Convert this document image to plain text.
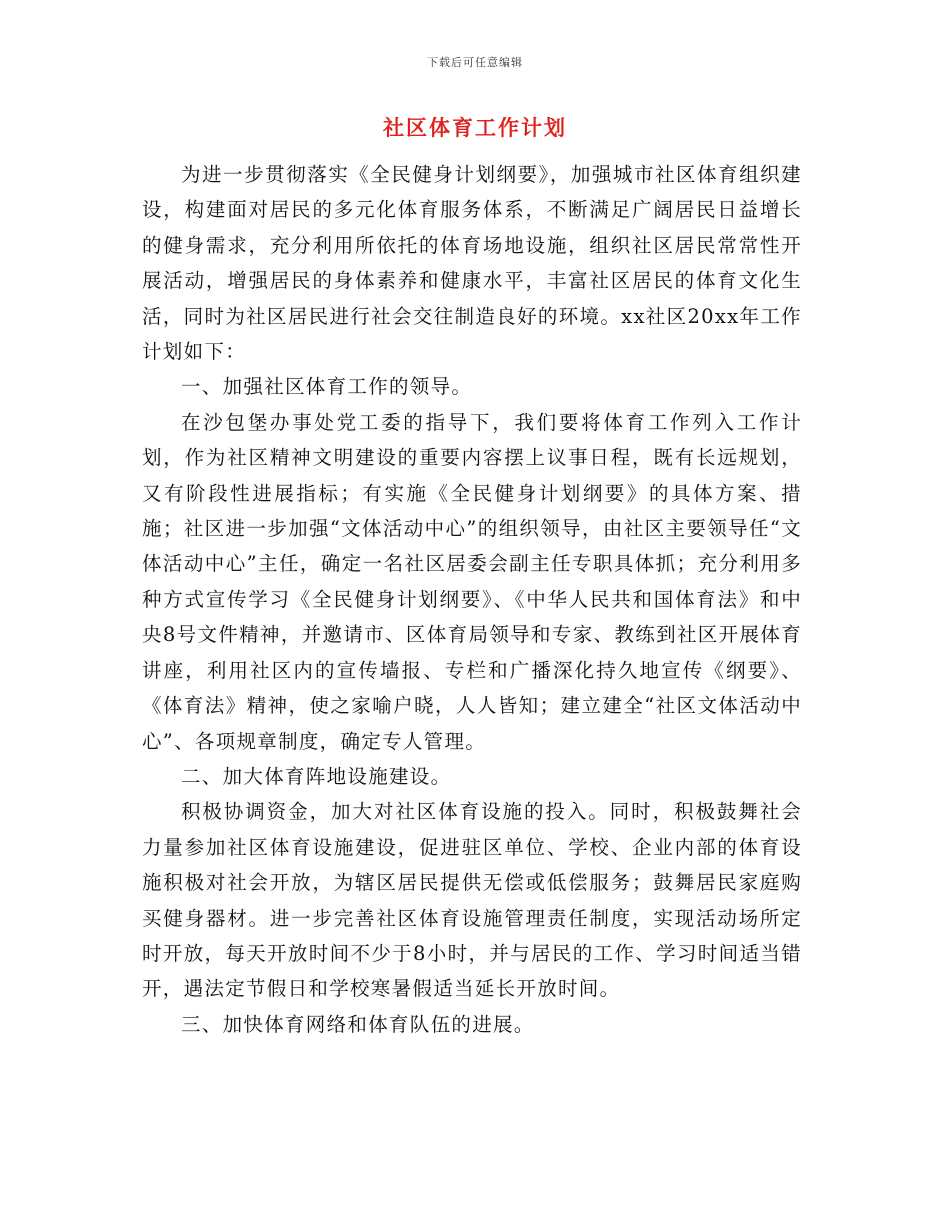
下载后可任意编辑
社区体育工作计划

为进一步贯彻落实《全民健身计划纲要》，加强城市社区体育组织建设，构建面对居民的多元化体育服务体系，不断满足广阔居民日益增长的健身需求，充分利用所依托的体育场地设施，组织社区居民常常性开展活动，增强居民的身体素养和健康水平，丰富社区居民的体育文化生活，同时为社区居民进行社会交往制造良好的环境。xx社区20xx年工作计划如下：

一、加强社区体育工作的领导。

在沙包堡办事处党工委的指导下，我们要将体育工作列入工作计划，作为社区精神文明建设的重要内容摆上议事日程，既有长远规划，又有阶段性进展指标；有实施《全民健身计划纲要》的具体方案、措施；社区进一步加强“文体活动中心”的组织领导，由社区主要领导任“文体活动中心”主任，确定一名社区居委会副主任专职具体抓；充分利用多种方式宣传学习《全民健身计划纲要》、《中华人民共和国体育法》和中央8号文件精神，并邀请市、区体育局领导和专家、教练到社区开展体育讲座，利用社区内的宣传墙报、专栏和广播深化持久地宣传《纲要》、《体育法》精神，使之家喻户晓，人人皆知；建立建全“社区文体活动中心”、各项规章制度，确定专人管理。

二、加大体育阵地设施建设。

积极协调资金，加大对社区体育设施的投入。同时，积极鼓舞社会力量参加社区体育设施建设，促进驻区单位、学校、企业内部的体育设施积极对社会开放，为辖区居民提供无偿或低偿服务；鼓舞居民家庭购买健身器材。进一步完善社区体育设施管理责任制度，实现活动场所定时开放，每天开放时间不少于8小时，并与居民的工作、学习时间适当错开，遇法定节假日和学校寒暑假适当延长开放时间。

三、加快体育网络和体育队伍的进展。
